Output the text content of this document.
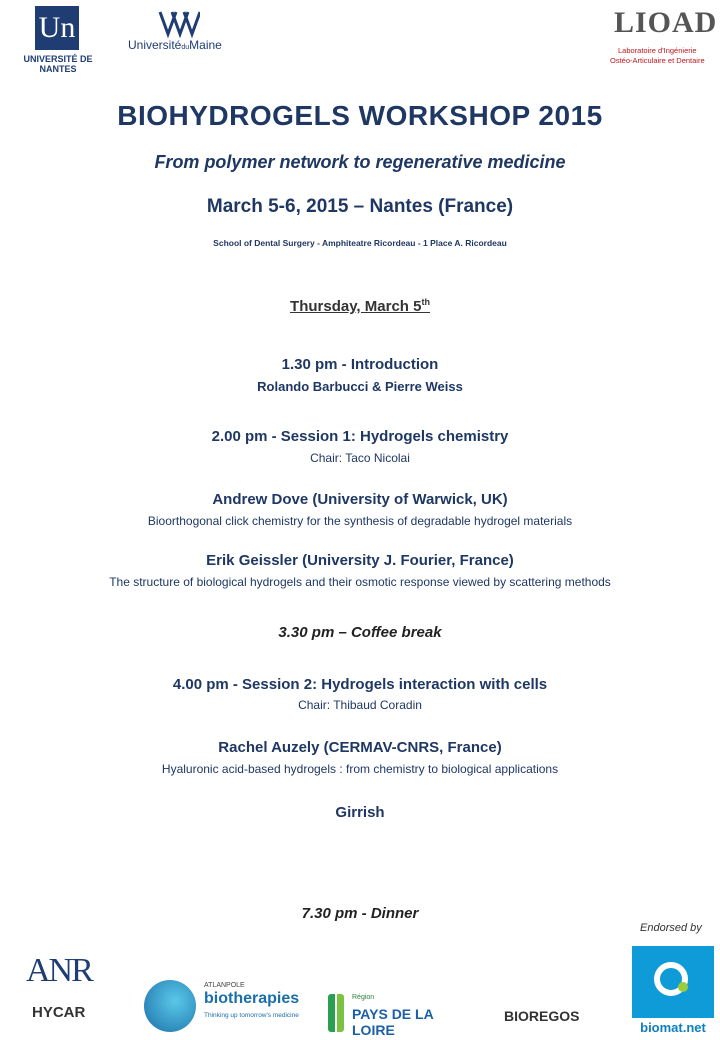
Un
UNIVERSITÉ DE NANTES
UniversitéduMaine
LIOAD
Laboratoire d'Ingénierie
Ostéo-Articulaire et Dentaire
BIOHYDROGELS WORKSHOP 2015
From polymer network to regenerative medicine
March 5-6, 2015 – Nantes (France)
School of Dental Surgery - Amphiteatre Ricordeau - 1 Place A. Ricordeau
Thursday, March 5th
1.30 pm - Introduction
Rolando Barbucci & Pierre Weiss
2.00 pm - Session 1: Hydrogels chemistry
Chair: Taco Nicolai
Andrew Dove (University of Warwick, UK)
Bioorthogonal click chemistry for the synthesis of degradable hydrogel materials
Erik Geissler (University J. Fourier, France)
The structure of biological hydrogels and their osmotic response viewed by scattering methods
3.30 pm – Coffee break
4.00 pm - Session 2: Hydrogels interaction with cells
Chair: Thibaud Coradin
Rachel Auzely (CERMAV-CNRS, France)
Hyaluronic acid-based hydrogels : from chemistry to biological applications
Girrish
7.30 pm - Dinner
Endorsed by
ANR
HYCAR
ATLANPOLE
biotherapies
Thinking up tomorrow's medicine
Région
PAYS DE LA LOIRE
BIOREGOS
biomat.net
